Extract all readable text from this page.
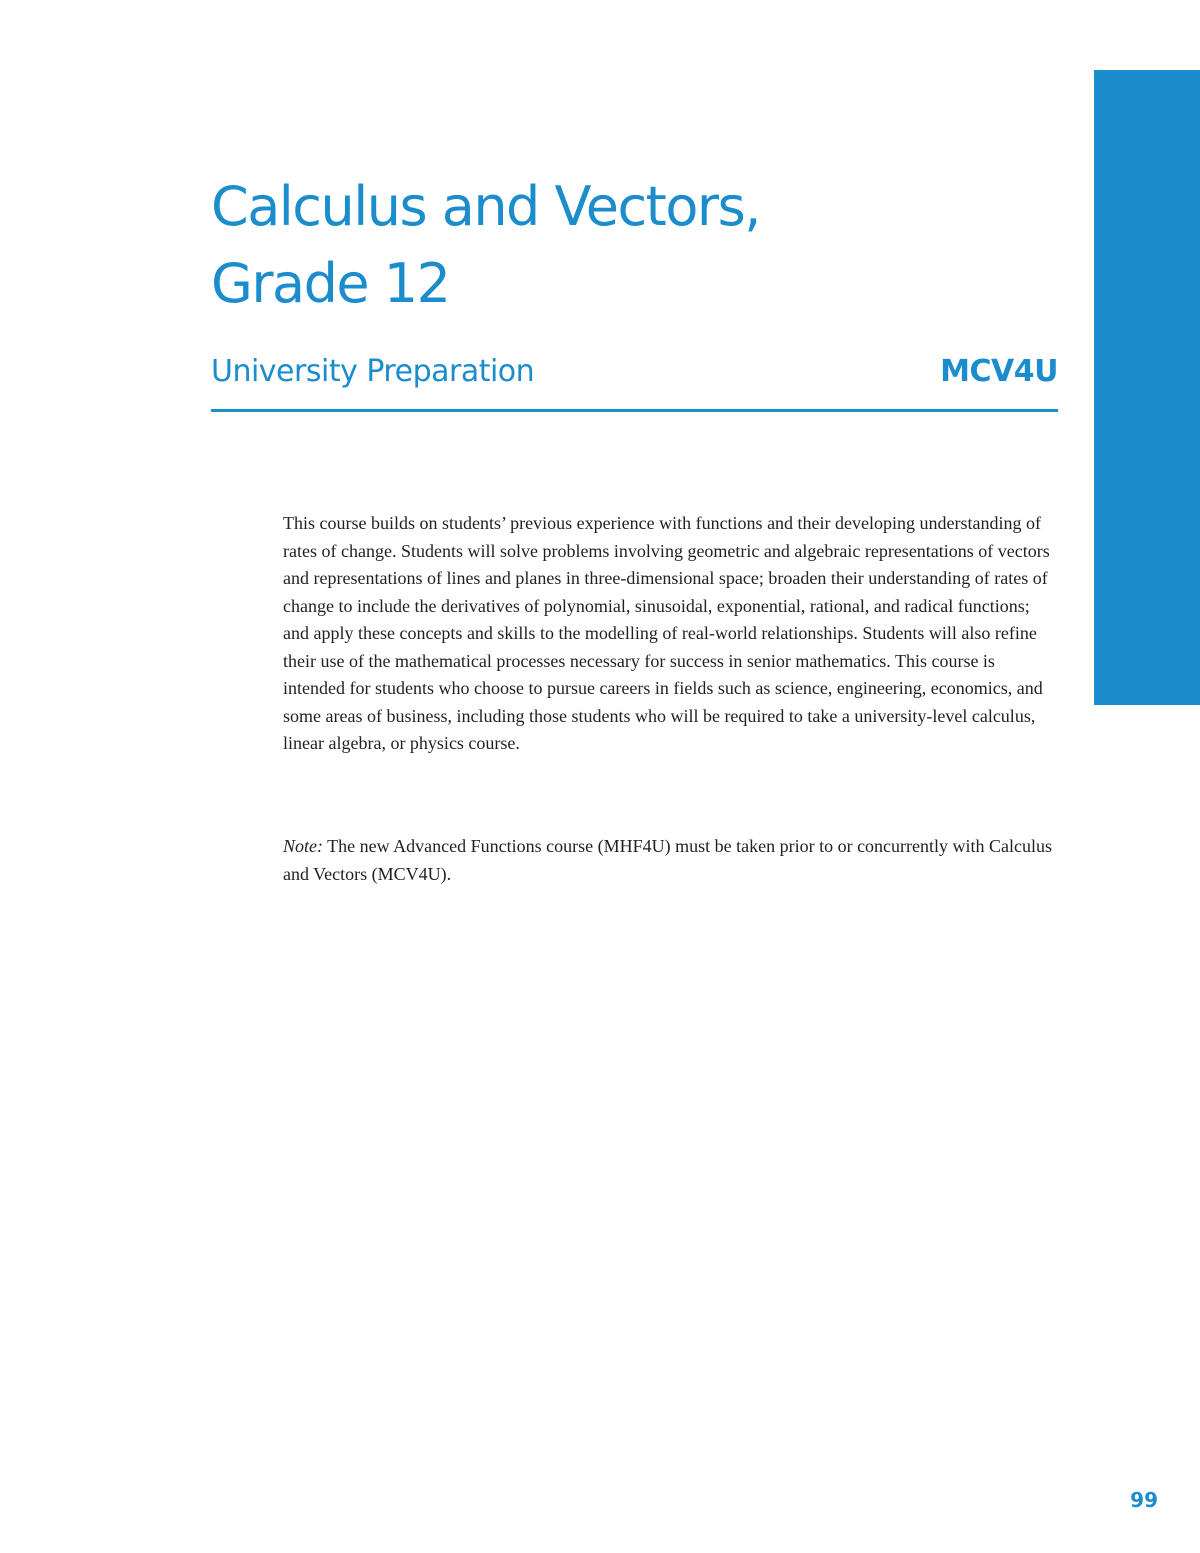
Calculus and Vectors,
Grade 12
University Preparation	MCV4U

This course builds on students’ previous experience with functions and their developing understanding of rates of change. Students will solve problems involving geometric and algebraic representations of vectors and representations of lines and planes in three-dimensional space; broaden their understanding of rates of change to include the derivatives of polynomial, sinusoidal, exponential, rational, and radical functions; and apply these concepts and skills to the modelling of real-world relationships. Students will also refine their use of the mathematical processes necessary for success in senior mathematics. This course is intended for students who choose to pursue careers in fields such as science, engineering, economics, and some areas of business, including those students who will be required to take a university-level calculus, linear algebra, or physics course.

Note: The new Advanced Functions course (MHF4U) must be taken prior to or concurrently with Calculus and Vectors (MCV4U).

99
